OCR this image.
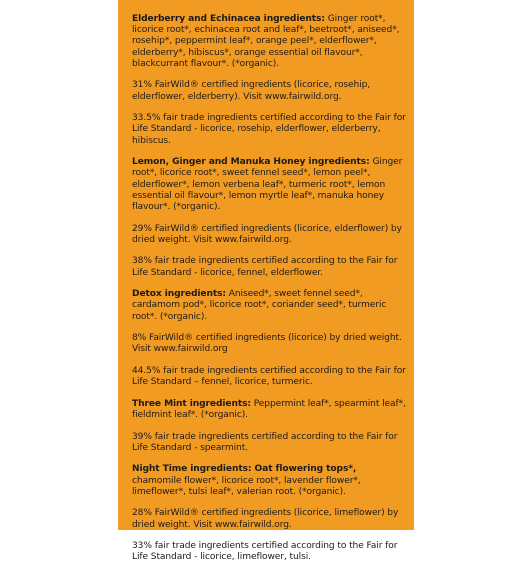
Elderberry and Echinacea ingredients: Ginger root*, licorice root*, echinacea root and leaf*, beetroot*, aniseed*, rosehip*, peppermint leaf*, orange peel*, elderflower*, elderberry*, hibiscus*, orange essential oil flavour*, blackcurrant flavour*. (*organic).

31% FairWild® certified ingredients (licorice, rosehip, elderflower, elderberry). Visit www.fairwild.org.

33.5% fair trade ingredients certified according to the Fair for Life Standard - licorice, rosehip, elderflower, elderberry, hibiscus.

Lemon, Ginger and Manuka Honey ingredients: Ginger root*, licorice root*, sweet fennel seed*, lemon peel*, elderflower*, lemon verbena leaf*, turmeric root*, lemon essential oil flavour*, lemon myrtle leaf*, manuka honey flavour*. (*organic).

29% FairWild® certified ingredients (licorice, elderflower) by dried weight. Visit www.fairwild.org.

38% fair trade ingredients certified according to the Fair for Life Standard - licorice, fennel, elderflower.

Detox ingredients: Aniseed*, sweet fennel seed*, cardamom pod*, licorice root*, coriander seed*, turmeric root*. (*organic).

8% FairWild® certified ingredients (licorice) by dried weight. Visit www.fairwild.org

44.5% fair trade ingredients certified according to the Fair for Life Standard – fennel, licorice, turmeric.

Three Mint ingredients: Peppermint leaf*, spearmint leaf*, fieldmint leaf*. (*organic).

39% fair trade ingredients certified according to the Fair for Life Standard - spearmint.

Night Time ingredients: Oat flowering tops*, chamomile flower*, licorice root*, lavender flower*, limeflower*, tulsi leaf*, valerian root. (*organic).

28% FairWild® certified ingredients (licorice, limeflower) by dried weight. Visit www.fairwild.org.

33% fair trade ingredients certified according to the Fair for Life Standard - licorice, limeflower, tulsi.
